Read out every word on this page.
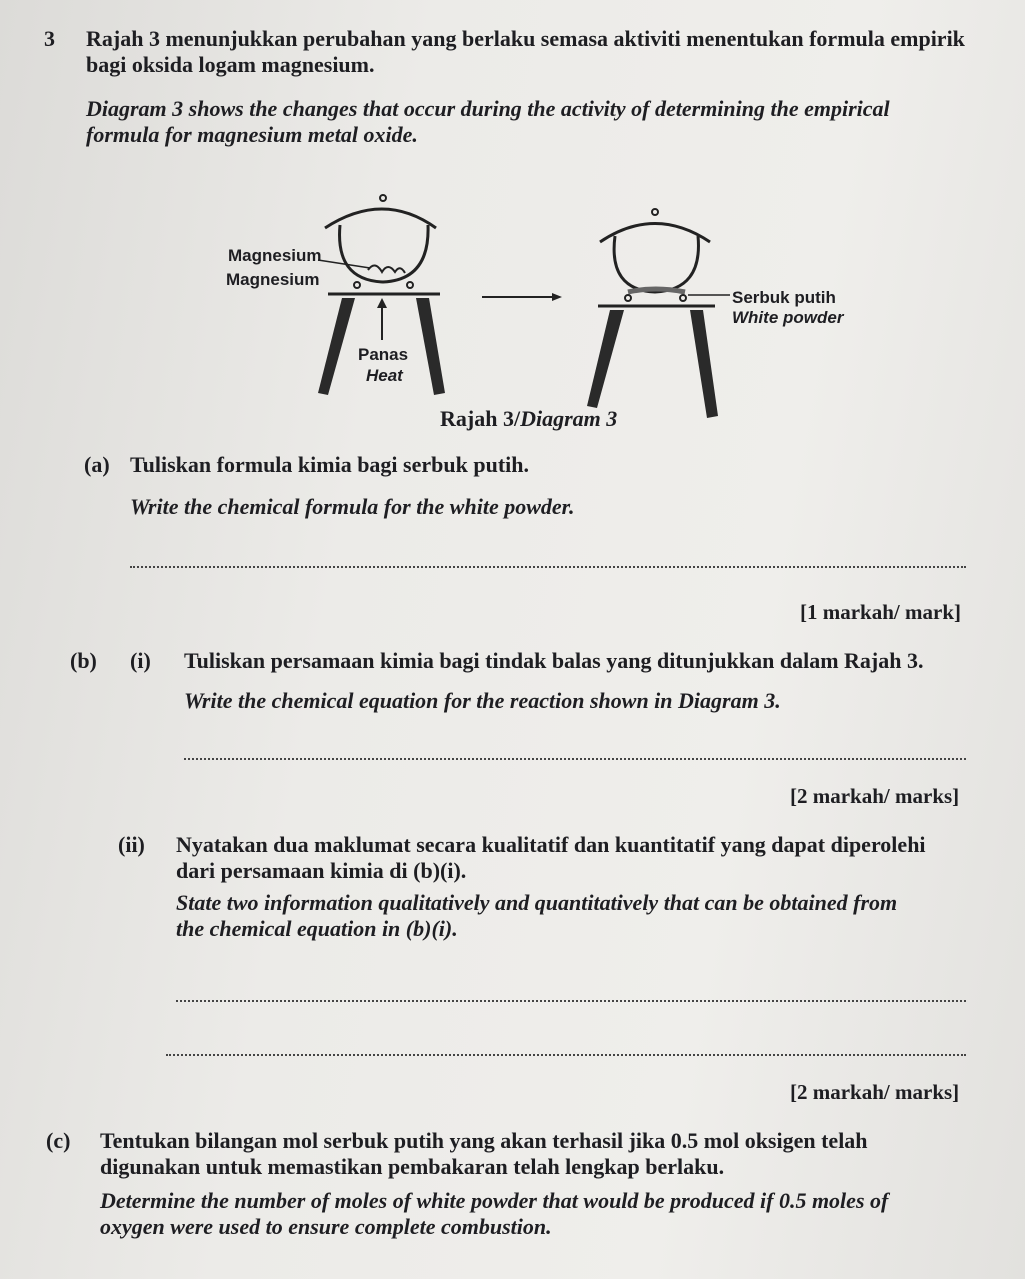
3 Rajah 3 menunjukkan perubahan yang berlaku semasa aktiviti menentukan formula empirik
bagi oksida logam magnesium.
Diagram 3 shows the changes that occur during the activity of determining the empirical
formula for magnesium metal oxide.
Magnesium
Magnesium
Panas
Heat
Serbuk putih
White powder
Rajah 3/Diagram 3
(a) Tuliskan formula kimia bagi serbuk putih.
Write the chemical formula for the white powder.
[1 markah/ mark]
(b) (i) Tuliskan persamaan kimia bagi tindak balas yang ditunjukkan dalam Rajah 3.
Write the chemical equation for the reaction shown in Diagram 3.
[2 markah/ marks]
(ii) Nyatakan dua maklumat secara kualitatif dan kuantitatif yang dapat diperolehi
dari persamaan kimia di (b)(i).
State two information qualitatively and quantitatively that can be obtained from
the chemical equation in (b)(i).
[2 markah/ marks]
(c) Tentukan bilangan mol serbuk putih yang akan terhasil jika 0.5 mol oksigen telah
digunakan untuk memastikan pembakaran telah lengkap berlaku.
Determine the number of moles of white powder that would be produced if 0.5 moles of
oxygen were used to ensure complete combustion.
